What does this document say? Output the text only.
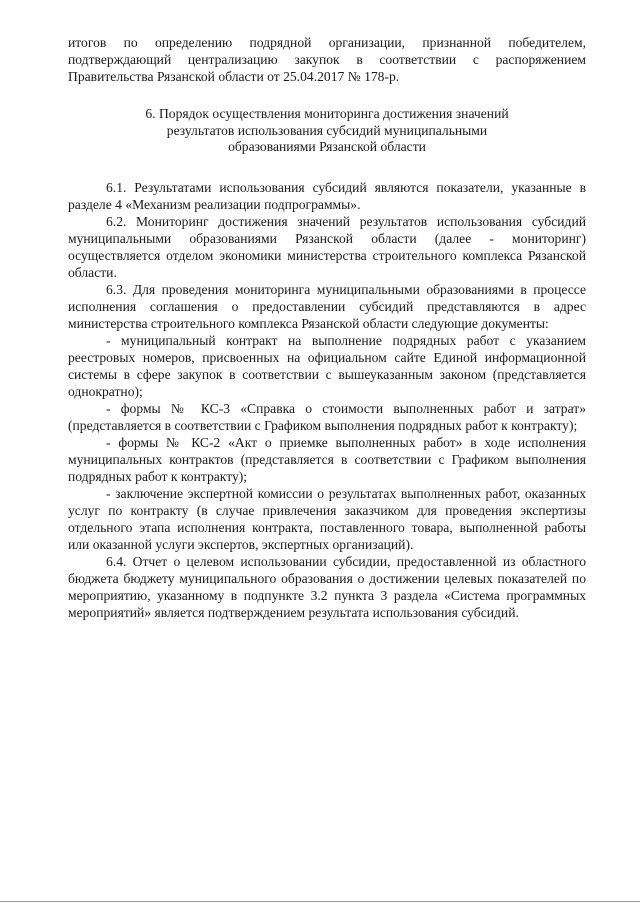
итогов по определению подрядной организации, признанной победителем, подтверждающий централизацию закупок в соответствии с распоряжением Правительства Рязанской области от 25.04.2017 № 178-р.

6. Порядок осуществления мониторинга достижения значений

результатов использования субсидий муниципальными

образованиями Рязанской области

6.1. Результатами использования субсидий являются показатели, указанные в разделе 4 «Механизм реализации подпрограммы».

6.2. Мониторинг достижения значений результатов использования субсидий муниципальными образованиями Рязанской области (далее - мониторинг) осуществляется отделом экономики министерства строительного комплекса Рязанской области.

6.3. Для проведения мониторинга муниципальными образованиями в процессе исполнения соглашения о предоставлении субсидий представляются в адрес министерства строительного комплекса Рязанской области следующие документы:

- муниципальный контракт на выполнение подрядных работ с указанием реестровых номеров, присвоенных на официальном сайте Единой информационной системы в сфере закупок в соответствии с вышеуказанным законом (представляется однократно);

- формы № КС-3 «Справка о стоимости выполненных работ и затрат» (представляется в соответствии с Графиком выполнения подрядных работ к контракту);

- формы № КС-2 «Акт о приемке выполненных работ» в ходе исполнения муниципальных контрактов (представляется в соответствии с Графиком выполнения подрядных работ к контракту);

- заключение экспертной комиссии о результатах выполненных работ, оказанных услуг по контракту (в случае привлечения заказчиком для проведения экспертизы отдельного этапа исполнения контракта, поставленного товара, выполненной работы или оказанной услуги экспертов, экспертных организаций).

6.4. Отчет о целевом использовании субсидии, предоставленной из областного бюджета бюджету муниципального образования о достижении целевых показателей по мероприятию, указанному в подпункте 3.2 пункта 3 раздела «Система программных мероприятий» является подтверждением результата использования субсидий.
